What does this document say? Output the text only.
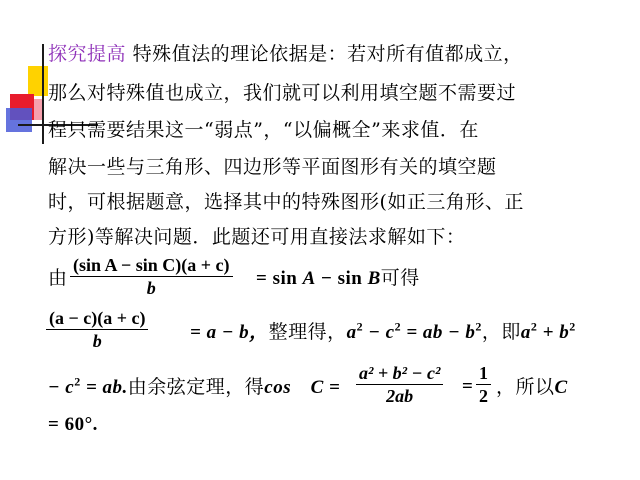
探究提高 特殊值法的理论依据是：若对所有值都成立，
那么对特殊值也成立，我们就可以利用填空题不需要过
程只需要结果这一“弱点”，“以偏概全”来求值．在
解决一些与三角形、四边形等平面图形有关的填空题
时，可根据题意，选择其中的特殊图形(如正三角形、正
方形)等解决问题．此题还可用直接法求解如下：
由 $\frac{\text{(sin A − sin C)(a + c)}}{b} = \sin A - \sin B$可得
$\frac{(a - c)(a + c)}{b} = a - b$，整理得，$a^2 - c^2$ = ab − $b^2$，即$a^2 + b^2$
− $c^2$ = ab.由余弦定理，得cos　$C = \frac{\text{a² + b² − c²}}{2ab} = \frac{1}{2}$ ，所以C
= 60°.
